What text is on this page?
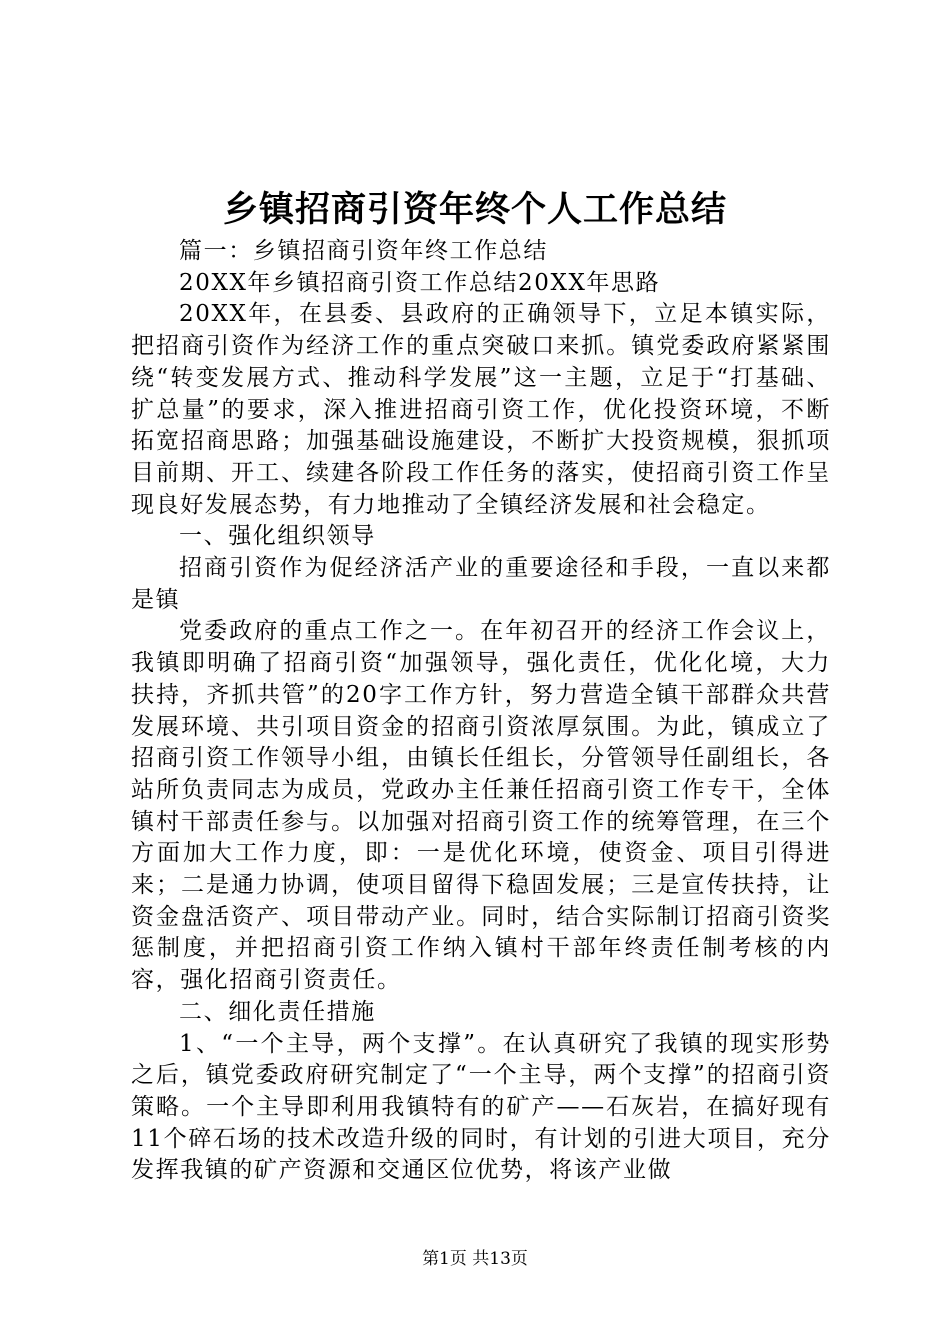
乡镇招商引资年终个人工作总结

篇一：乡镇招商引资年终工作总结

20XX年乡镇招商引资工作总结20XX年思路

20XX年，在县委、县政府的正确领导下，立足本镇实际，把招商引资作为经济工作的重点突破口来抓。镇党委政府紧紧围绕“转变发展方式、推动科学发展”这一主题，立足于“打基础、扩总量”的要求，深入推进招商引资工作，优化投资环境，不断拓宽招商思路；加强基础设施建设，不断扩大投资规模，狠抓项目前期、开工、续建各阶段工作任务的落实，使招商引资工作呈现良好发展态势，有力地推动了全镇经济发展和社会稳定。

一、强化组织领导

招商引资作为促经济活产业的重要途径和手段，一直以来都是镇

党委政府的重点工作之一。在年初召开的经济工作会议上，我镇即明确了招商引资“加强领导，强化责任，优化化境，大力扶持，齐抓共管”的20字工作方针，努力营造全镇干部群众共营发展环境、共引项目资金的招商引资浓厚氛围。为此，镇成立了招商引资工作领导小组，由镇长任组长，分管领导任副组长，各站所负责同志为成员，党政办主任兼任招商引资工作专干，全体镇村干部责任参与。以加强对招商引资工作的统筹管理，在三个方面加大工作力度，即：一是优化环境，使资金、项目引得进来；二是通力协调，使项目留得下稳固发展；三是宣传扶持，让资金盘活资产、项目带动产业。同时，结合实际制订招商引资奖惩制度，并把招商引资工作纳入镇村干部年终责任制考核的内容，强化招商引资责任。

二、细化责任措施

1、“一个主导，两个支撑”。在认真研究了我镇的现实形势之后，镇党委政府研究制定了“一个主导，两个支撑”的招商引资策略。一个主导即利用我镇特有的矿产——石灰岩，在搞好现有11个碎石场的技术改造升级的同时，有计划的引进大项目，充分发挥我镇的矿产资源和交通区位优势，将该产业做

第1页 共13页
